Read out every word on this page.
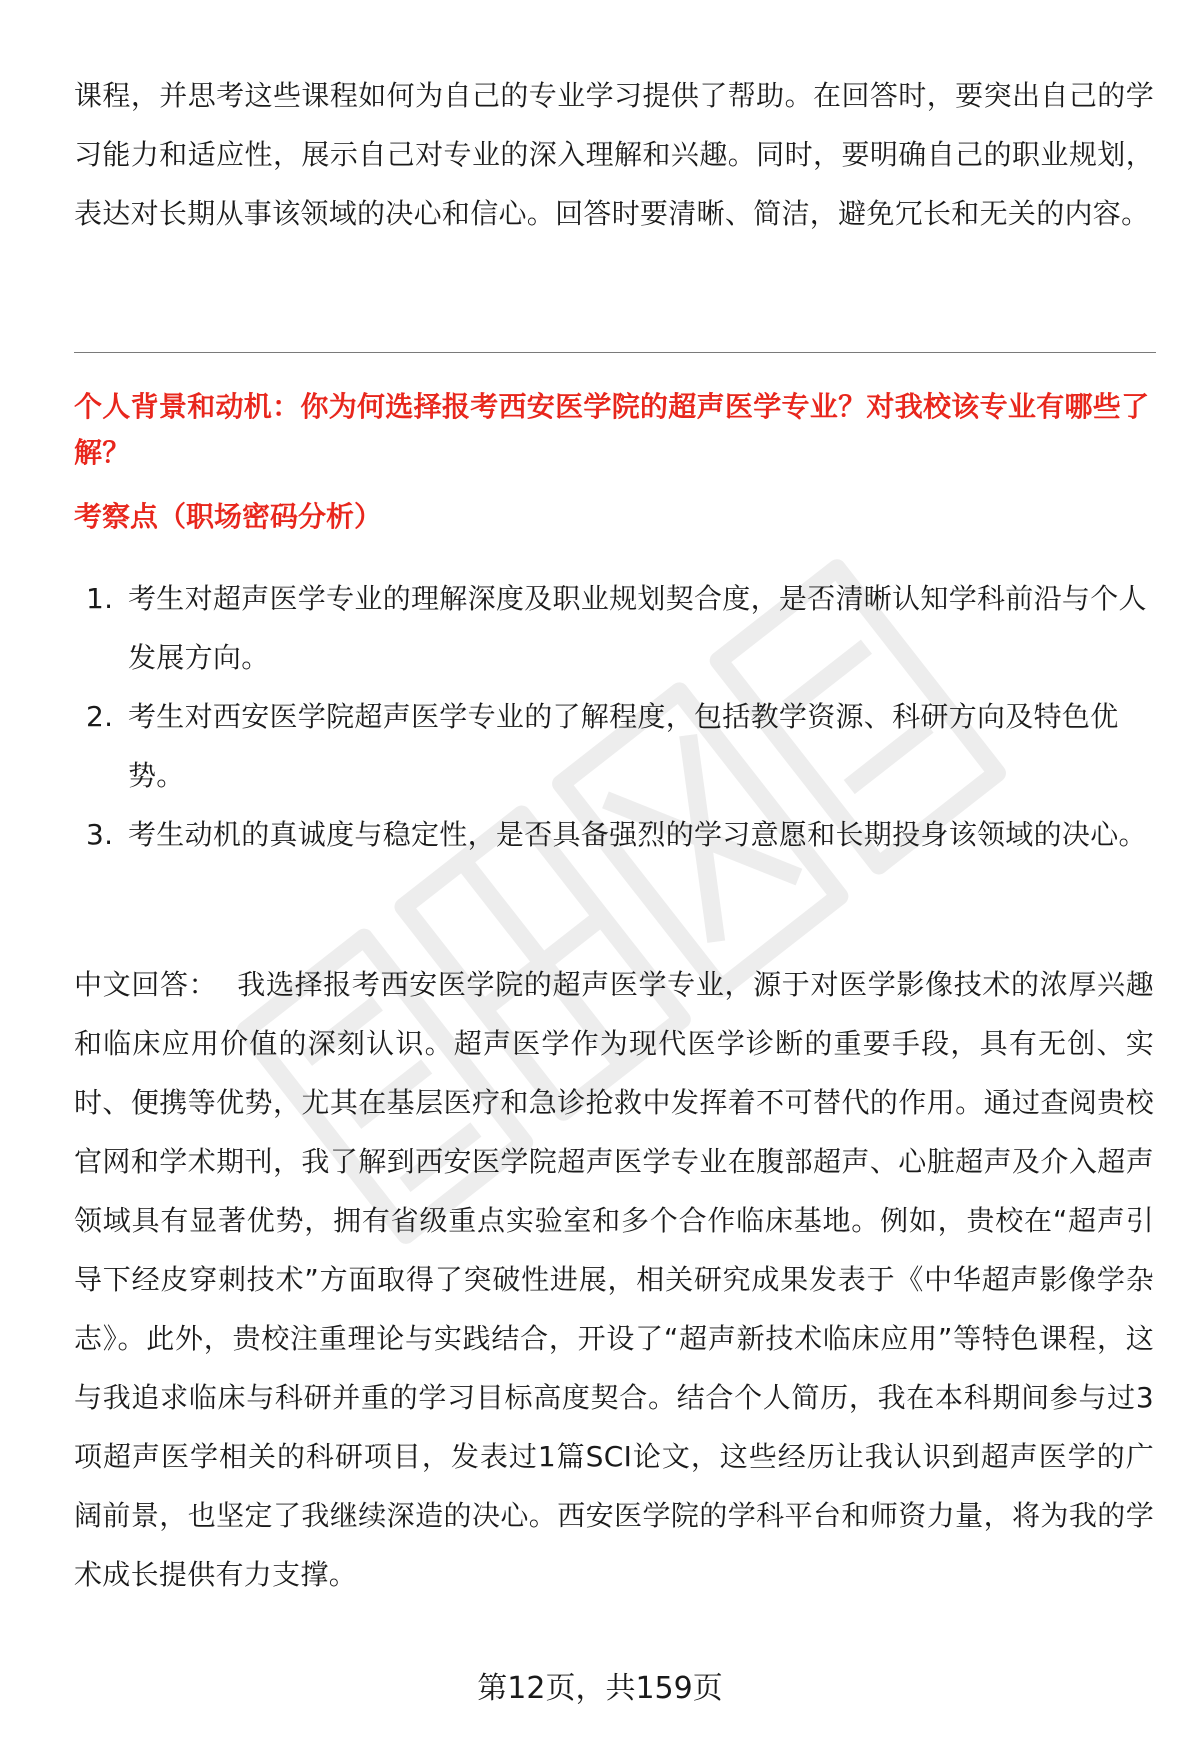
课程，并思考这些课程如何为自己的专业学习提供了帮助。在回答时，要突出自己的学习能力和适应性，展示自己对专业的深入理解和兴趣。同时，要明确自己的职业规划，表达对长期从事该领域的决心和信心。回答时要清晰、简洁，避免冗长和无关的内容。

个人背景和动机：你为何选择报考西安医学院的超声医学专业？对我校该专业有哪些了解？
考察点（职场密码分析）
1. 考生对超声医学专业的理解深度及职业规划契合度，是否清晰认知学科前沿与个人发展方向。
2. 考生对西安医学院超声医学专业的了解程度，包括教学资源、科研方向及特色优势。
3. 考生动机的真诚度与稳定性，是否具备强烈的学习意愿和长期投身该领域的决心。

中文回答： 我选择报考西安医学院的超声医学专业，源于对医学影像技术的浓厚兴趣和临床应用价值的深刻认识。超声医学作为现代医学诊断的重要手段，具有无创、实时、便携等优势，尤其在基层医疗和急诊抢救中发挥着不可替代的作用。通过查阅贵校官网和学术期刊，我了解到西安医学院超声医学专业在腹部超声、心脏超声及介入超声领域具有显著优势，拥有省级重点实验室和多个合作临床基地。例如，贵校在“超声引导下经皮穿刺技术”方面取得了突破性进展，相关研究成果发表于《中华超声影像学杂志》。此外，贵校注重理论与实践结合，开设了“超声新技术临床应用”等特色课程，这与我追求临床与科研并重的学习目标高度契合。结合个人简历，我在本科期间参与过3项超声医学相关的科研项目，发表过1篇SCI论文，这些经历让我认识到超声医学的广阔前景，也坚定了我继续深造的决心。西安医学院的学科平台和师资力量，将为我的学术成长提供有力支撑。

第12页，共159页
